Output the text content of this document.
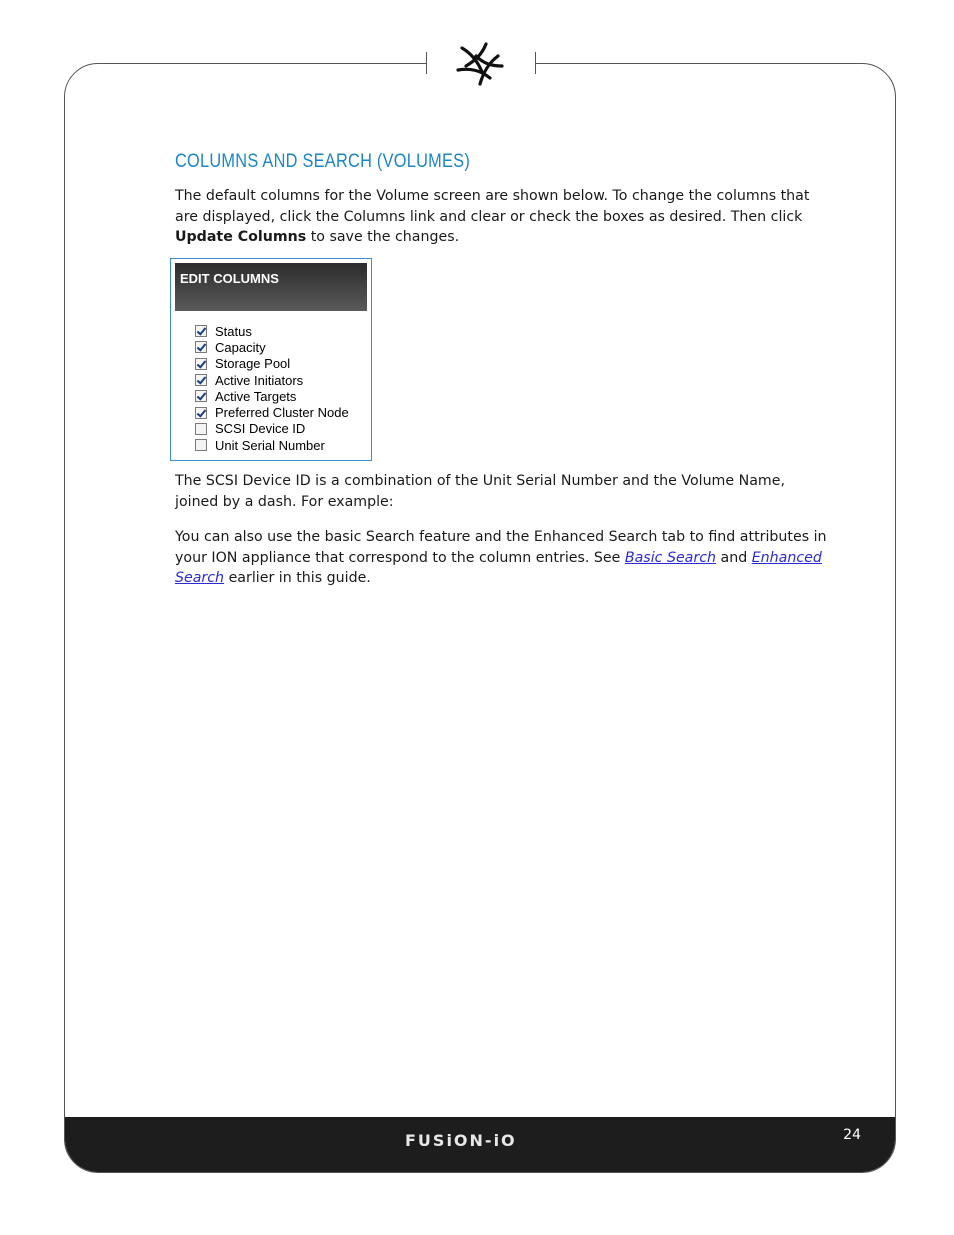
FUSiON-iO	24
COLUMNS AND SEARCH (VOLUMES)

The default columns for the Volume screen are shown below. To change the columns that are displayed, click the Columns link and clear or check the boxes as desired. Then click Update Columns to save the changes.

EDIT COLUMNS
Status
Capacity
Storage Pool
Active Initiators
Active Targets
Preferred Cluster Node
SCSI Device ID
Unit Serial Number

The SCSI Device ID is a combination of the Unit Serial Number and the Volume Name, joined by a dash. For example:

You can also use the basic Search feature and the Enhanced Search tab to find attributes in your ION appliance that correspond to the column entries. See Basic Search and Enhanced Search earlier in this guide.
